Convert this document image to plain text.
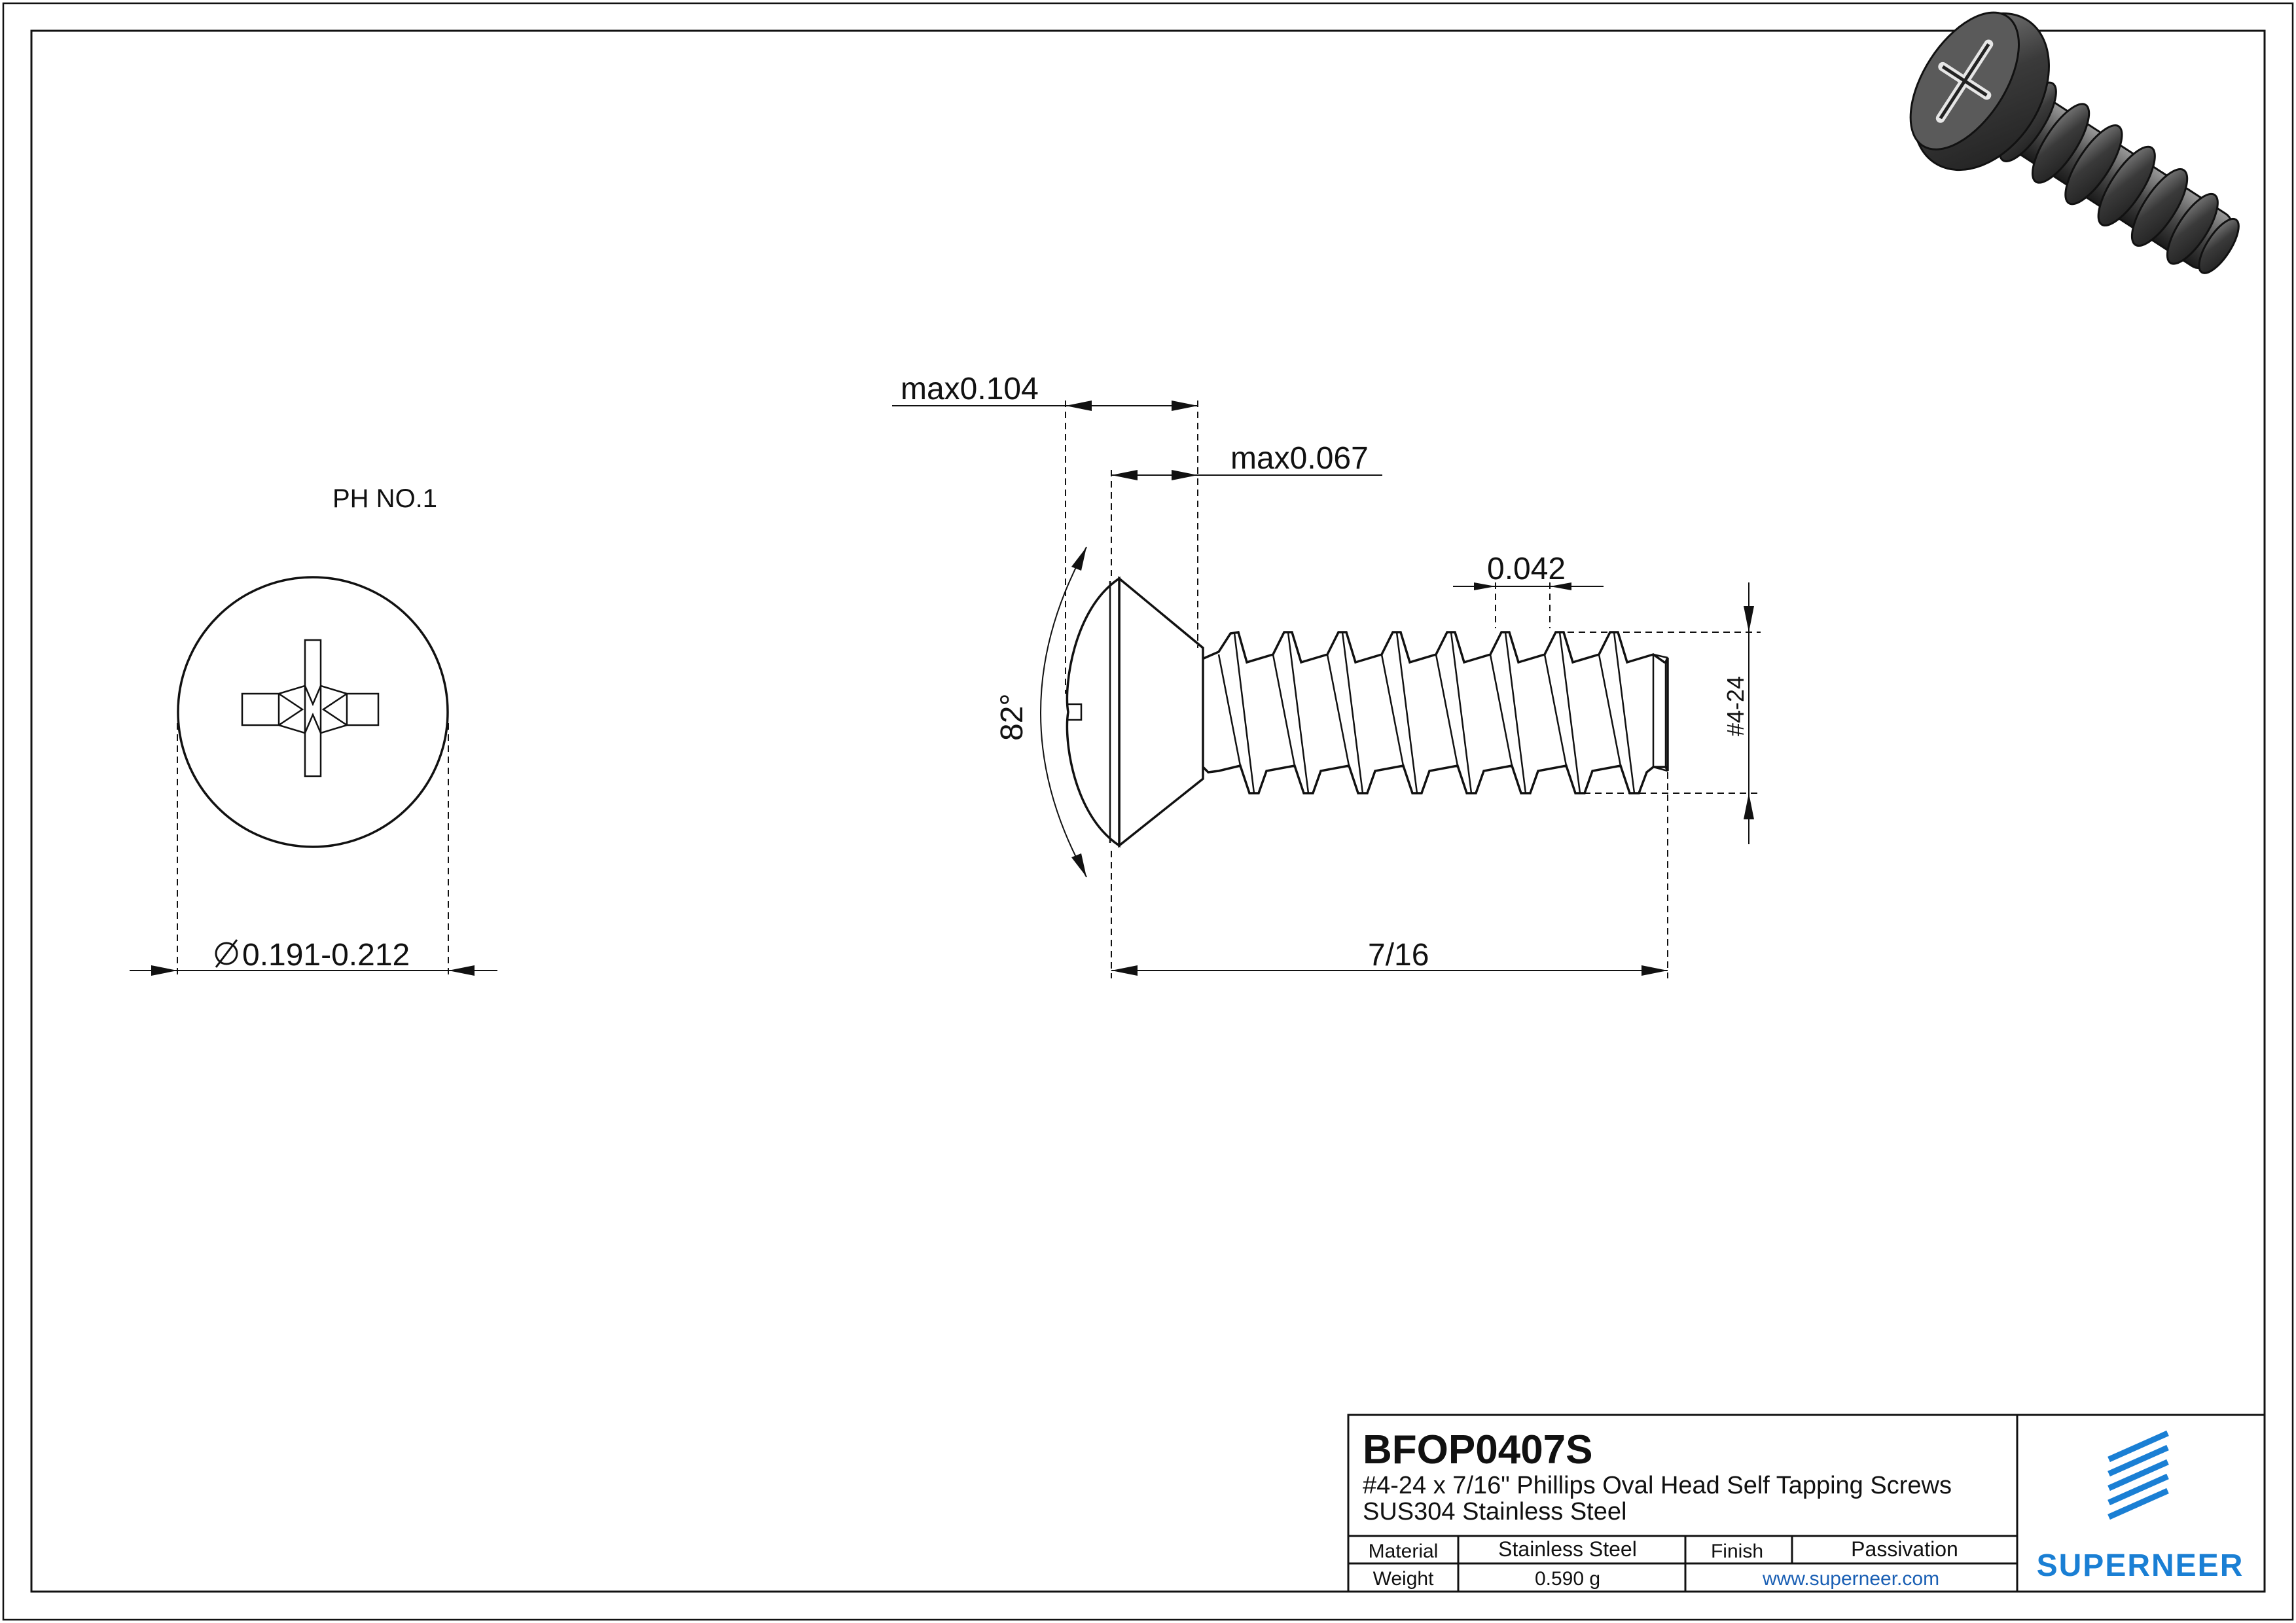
PH NO.1
0.191-0.212
max0.104
max0.067
0.042
#4-24
82°
7/16
BFOP0407S
#4-24 x 7/16" Phillips Oval Head Self Tapping Screws
SUS304 Stainless Steel
Material	Stainless Steel	Finish	Passivation
Weight	0.590 g	www.superneer.com	SUPERNEER
